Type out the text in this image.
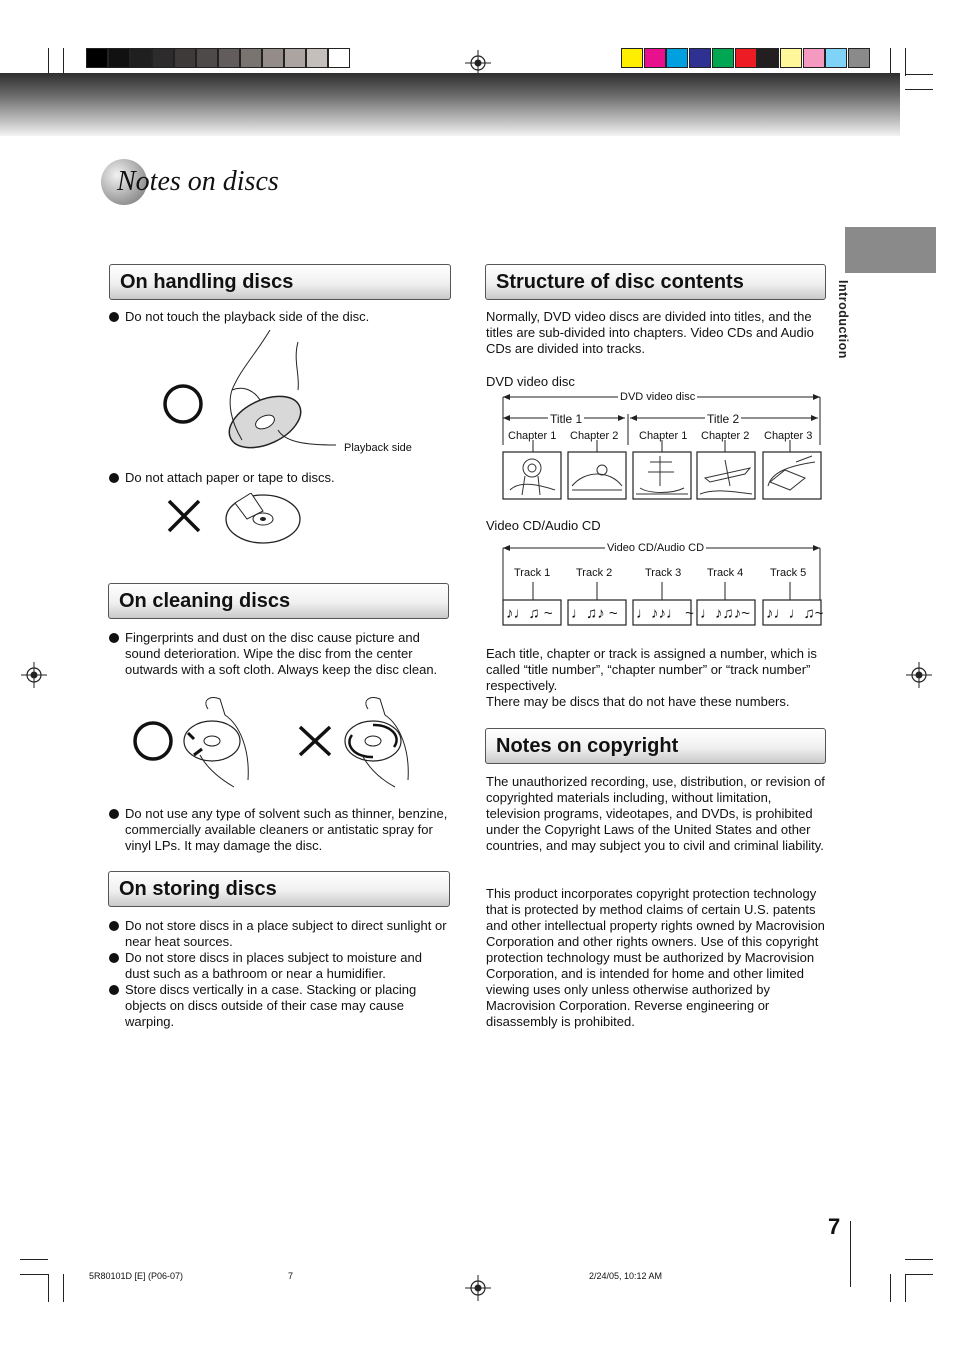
Notes on discs
Introduction
On handling discs
Do not touch the playback side of the disc.
Playback side
Do not attach paper or tape to discs.
On cleaning discs
Fingerprints and dust on the disc cause picture and sound deterioration. Wipe the disc from the center outwards with a soft cloth. Always keep the disc clean.
Do not use any type of solvent such as thinner, benzine, commercially available cleaners or antistatic spray for vinyl LPs. It may damage the disc.
On storing discs
Do not store discs in a place subject to direct sunlight or near heat sources.
Do not store discs in places subject to moisture and dust such as a bathroom or near a humidifier.
Store discs vertically in a case. Stacking or placing objects on discs outside of their case may cause warping.
Structure of disc contents
Normally, DVD video discs are divided into titles, and the titles are sub-divided into chapters. Video CDs and Audio CDs are divided into tracks.
DVD video disc
DVD video disc
Title 1	Title 2
Chapter 1 Chapter 2 Chapter 1 Chapter 2 Chapter 3
Video CD/Audio CD
Video CD/Audio CD
Track 1 Track 2	Track 3 Track 4 Track 5
♪♩♫ ~ ♩♫♪ ~ ♩♪♪♩ ~ ♩♪♫♪~ ♪♩♩♫~
Each title, chapter or track is assigned a number, which is called “title number”, “chapter number” or “track number” respectively.
There may be discs that do not have these numbers.
Notes on copyright
The unauthorized recording, use, distribution, or revision of copyrighted materials including, without limitation, television programs, videotapes, and DVDs, is prohibited under the Copyright Laws of the United States and other countries, and may subject you to civil and criminal liability.
This product incorporates copyright protection technology that is protected by method claims of certain U.S. patents and other intellectual property rights owned by Macrovision Corporation and other rights owners. Use of this copyright protection technology must be authorized by Macrovision Corporation, and is intended for home and other limited viewing uses only unless otherwise authorized by Macrovision Corporation. Reverse engineering or disassembly is prohibited.
7
5R80101D [E] (P06-07)	7	2/24/05, 10:12 AM
